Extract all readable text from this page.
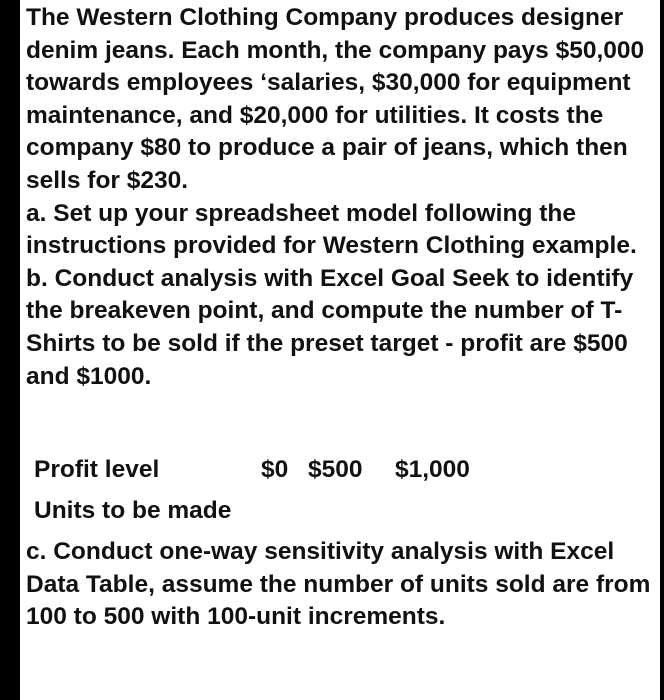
The Western Clothing Company produces designer denim jeans. Each month, the company pays $50,000 towards employees ‘salaries, $30,000 for equipment maintenance, and $20,000 for utilities. It costs the company $80 to produce a pair of jeans, which then sells for $230.

a. Set up your spreadsheet model following the instructions provided for Western Clothing example.

b. Conduct analysis with Excel Goal Seek to identify the breakeven point, and compute the number of T-Shirts to be sold if the preset target - profit are $500 and $1000.

Profit level	$0 $500 $1,000
Units to be made
c. Conduct one-way sensitivity analysis with Excel Data Table, assume the number of units sold are from 100 to 500 with 100-unit increments.
